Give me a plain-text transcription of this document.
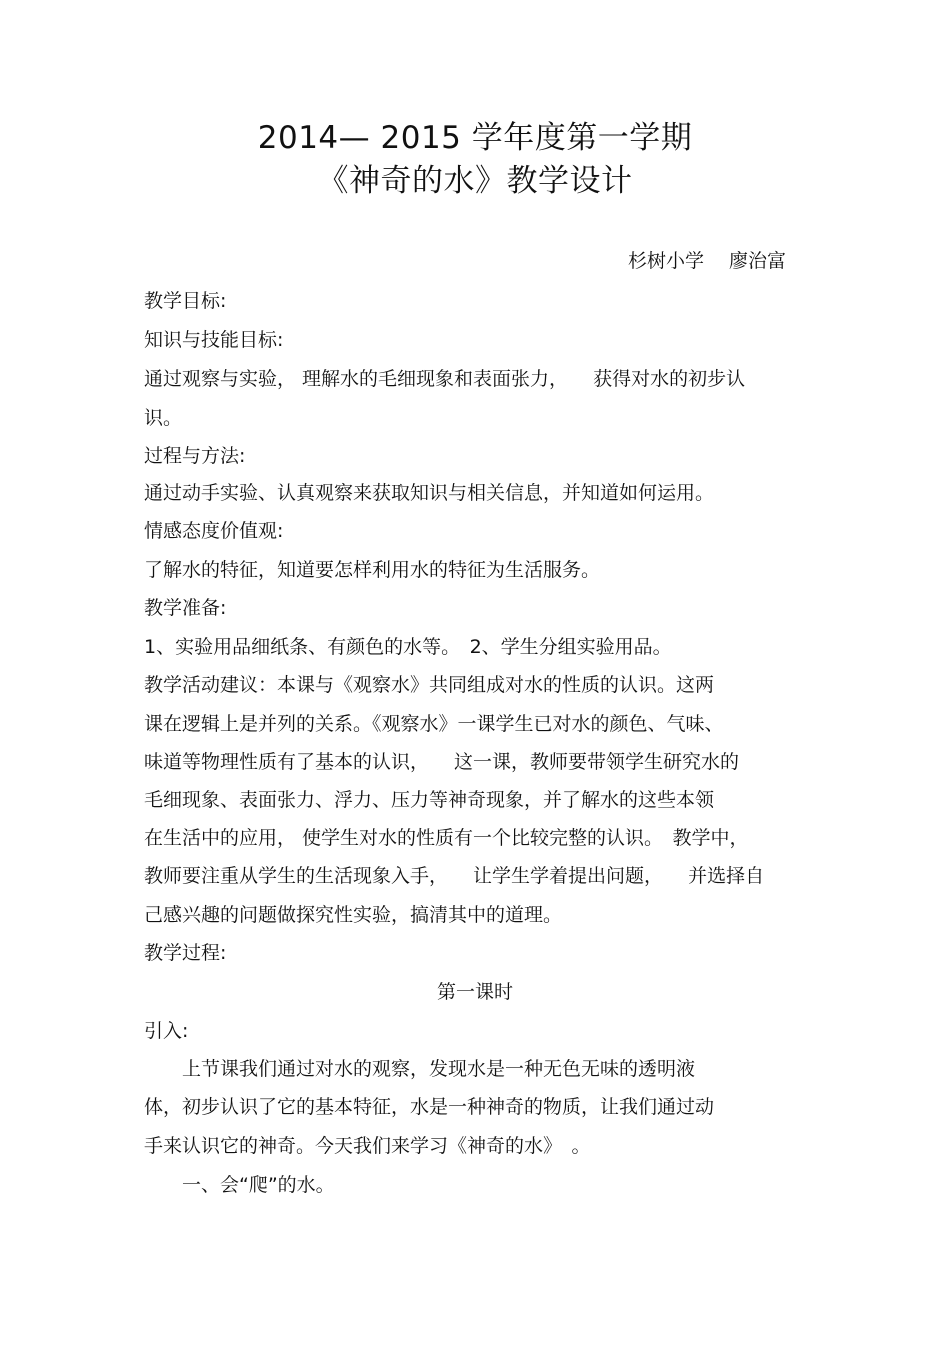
2014— 2015 学年度第一学期
《神奇的水》教学设计
杉树小学 　廖治富
教学目标:
知识与技能目标:
通过观察与实验， 理解水的毛细现象和表面张力， 　获得对水的初步认
识。
过程与方法:
通过动手实验、认真观察来获取知识与相关信息，并知道如何运用。
情感态度价值观:
了解水的特征，知道要怎样利用水的特征为生活服务。
教学准备:
1、实验用品细纸条、有颜色的水等。　2、学生分组实验用品。
教学活动建议：本课与《观察水》共同组成对水的性质的认识。这两
课在逻辑上是并列的关系。《观察水》一课学生已对水的颜色、气味、
味道等物理性质有了基本的认识， 　这一课，教师要带领学生研究水的
毛细现象、表面张力、浮力、压力等神奇现象，并了解水的这些本领
在生活中的应用， 使学生对水的性质有一个比较完整的认识。　教学中，
教师要注重从学生的生活现象入手， 　让学生学着提出问题， 　并选择自
己感兴趣的问题做探究性实验，搞清其中的道理。
教学过程:
第一课时
引入:
　　上节课我们通过对水的观察，发现水是一种无色无味的透明液
体，初步认识了它的基本特征，水是一种神奇的物质，让我们通过动
手来认识它的神奇。今天我们来学习《神奇的水》　。
　　一、会“爬”的水。
